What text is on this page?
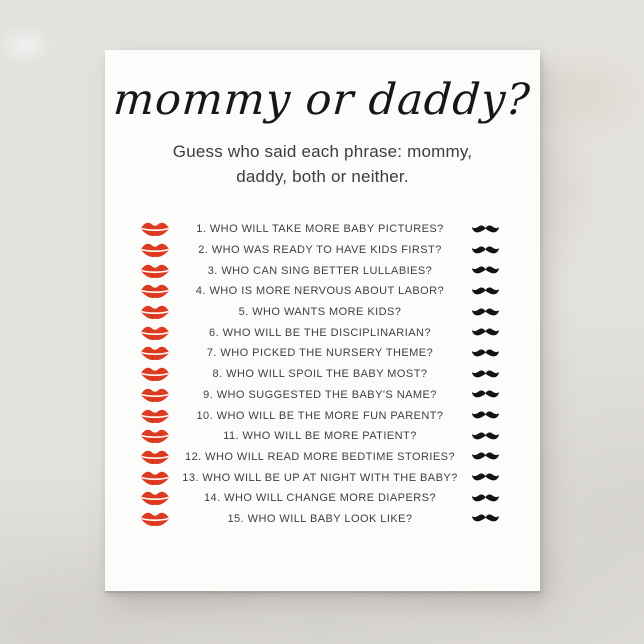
mommy or daddy?
Guess who said each phrase: mommy,
daddy, both or neither.
1. WHO WILL TAKE MORE BABY PICTURES?
2. WHO WAS READY TO HAVE KIDS FIRST?
3. WHO CAN SING BETTER LULLABIES?
4. WHO IS MORE NERVOUS ABOUT LABOR?
5. WHO WANTS MORE KIDS?
6. WHO WILL BE THE DISCIPLINARIAN?
7. WHO PICKED THE NURSERY THEME?
8. WHO WILL SPOIL THE BABY MOST?
9. WHO SUGGESTED THE BABY'S NAME?
10. WHO WILL BE THE MORE FUN PARENT?
11. WHO WILL BE MORE PATIENT?
12. WHO WILL READ MORE BEDTIME STORIES?
13. WHO WILL BE UP AT NIGHT WITH THE BABY?
14. WHO WILL CHANGE MORE DIAPERS?
15. WHO WILL BABY LOOK LIKE?
